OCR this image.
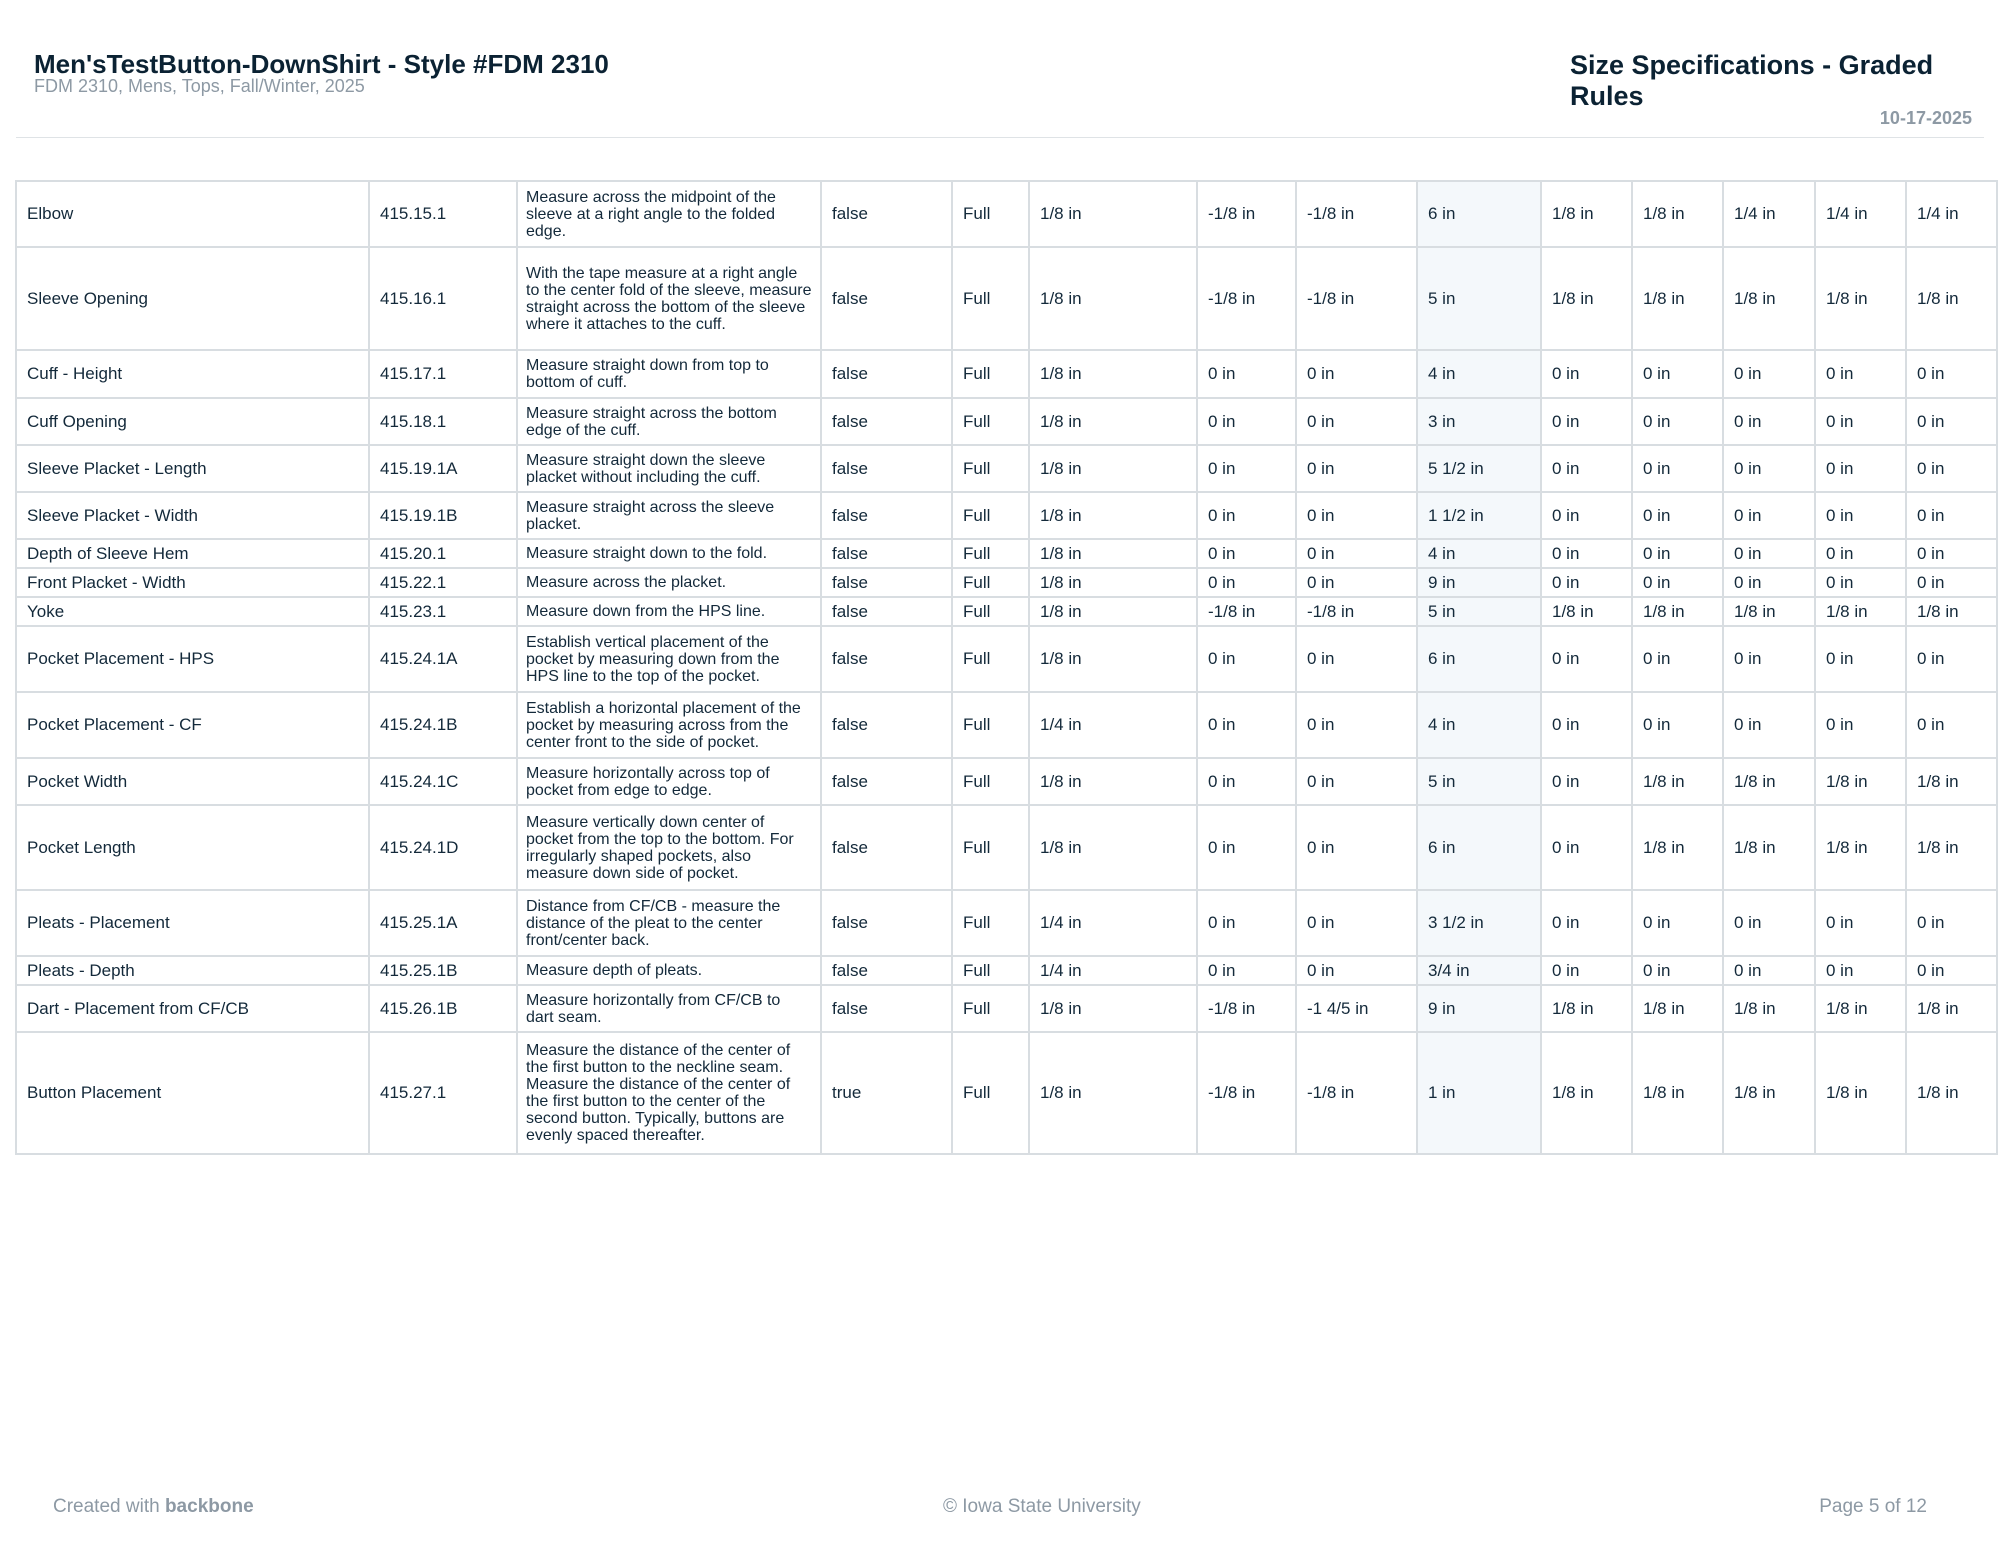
Men'sTestButton-DownShirt - Style #FDM 2310
FDM 2310, Mens, Tops, Fall/Winter, 2025
Size Specifications - Graded Rules
10-17-2025
Elbow	415.15.1	Measure across the midpoint of the sleeve at a right angle to the folded edge.	false	Full	1/8 in	-1/8 in	-1/8 in	6 in	1/8 in	1/8 in	1/4 in	1/4 in	1/4 in
Sleeve Opening	415.16.1	With the tape measure at a right angle to the center fold of the sleeve, measure straight across the bottom of the sleeve where it attaches to the cuff.	false	Full	1/8 in	-1/8 in	-1/8 in	5 in	1/8 in	1/8 in	1/8 in	1/8 in	1/8 in
Cuff - Height	415.17.1	Measure straight down from top to bottom of cuff.	false	Full	1/8 in	0 in	0 in	4 in	0 in	0 in	0 in	0 in	0 in
Cuff Opening	415.18.1	Measure straight across the bottom edge of the cuff.	false	Full	1/8 in	0 in	0 in	3 in	0 in	0 in	0 in	0 in	0 in
Sleeve Placket - Length	415.19.1A	Measure straight down the sleeve placket without including the cuff.	false	Full	1/8 in	0 in	0 in	5 1/2 in	0 in	0 in	0 in	0 in	0 in
Sleeve Placket - Width	415.19.1B	Measure straight across the sleeve placket.	false	Full	1/8 in	0 in	0 in	1 1/2 in	0 in	0 in	0 in	0 in	0 in
Depth of Sleeve Hem	415.20.1	Measure straight down to the fold.	false	Full	1/8 in	0 in	0 in	4 in	0 in	0 in	0 in	0 in	0 in
Front Placket - Width	415.22.1	Measure across the placket.	false	Full	1/8 in	0 in	0 in	9 in	0 in	0 in	0 in	0 in	0 in
Yoke	415.23.1	Measure down from the HPS line.	false	Full	1/8 in	-1/8 in	-1/8 in	5 in	1/8 in	1/8 in	1/8 in	1/8 in	1/8 in
Pocket Placement - HPS	415.24.1A	Establish vertical placement of the pocket by measuring down from the HPS line to the top of the pocket.	false	Full	1/8 in	0 in	0 in	6 in	0 in	0 in	0 in	0 in	0 in
Pocket Placement - CF	415.24.1B	Establish a horizontal placement of the pocket by measuring across from the center front to the side of pocket.	false	Full	1/4 in	0 in	0 in	4 in	0 in	0 in	0 in	0 in	0 in
Pocket Width	415.24.1C	Measure horizontally across top of pocket from edge to edge.	false	Full	1/8 in	0 in	0 in	5 in	0 in	1/8 in	1/8 in	1/8 in	1/8 in
Pocket Length	415.24.1D	Measure vertically down center of pocket from the top to the bottom. For irregularly shaped pockets, also measure down side of pocket.	false	Full	1/8 in	0 in	0 in	6 in	0 in	1/8 in	1/8 in	1/8 in	1/8 in
Pleats - Placement	415.25.1A	Distance from CF/CB - measure the distance of the pleat to the center front/center back.	false	Full	1/4 in	0 in	0 in	3 1/2 in	0 in	0 in	0 in	0 in	0 in
Pleats - Depth	415.25.1B	Measure depth of pleats.	false	Full	1/4 in	0 in	0 in	3/4 in	0 in	0 in	0 in	0 in	0 in
Dart - Placement from CF/CB	415.26.1B	Measure horizontally from CF/CB to dart seam.	false	Full	1/8 in	-1/8 in	-1 4/5 in	9 in	1/8 in	1/8 in	1/8 in	1/8 in	1/8 in
Button Placement	415.27.1	Measure the distance of the center of the first button to the neckline seam. Measure the distance of the center of the first button to the center of the second button. Typically, buttons are evenly spaced thereafter.	true	Full	1/8 in	-1/8 in	-1/8 in	1 in	1/8 in	1/8 in	1/8 in	1/8 in	1/8 in
Created with backbone	© Iowa State University	Page 5 of 12
